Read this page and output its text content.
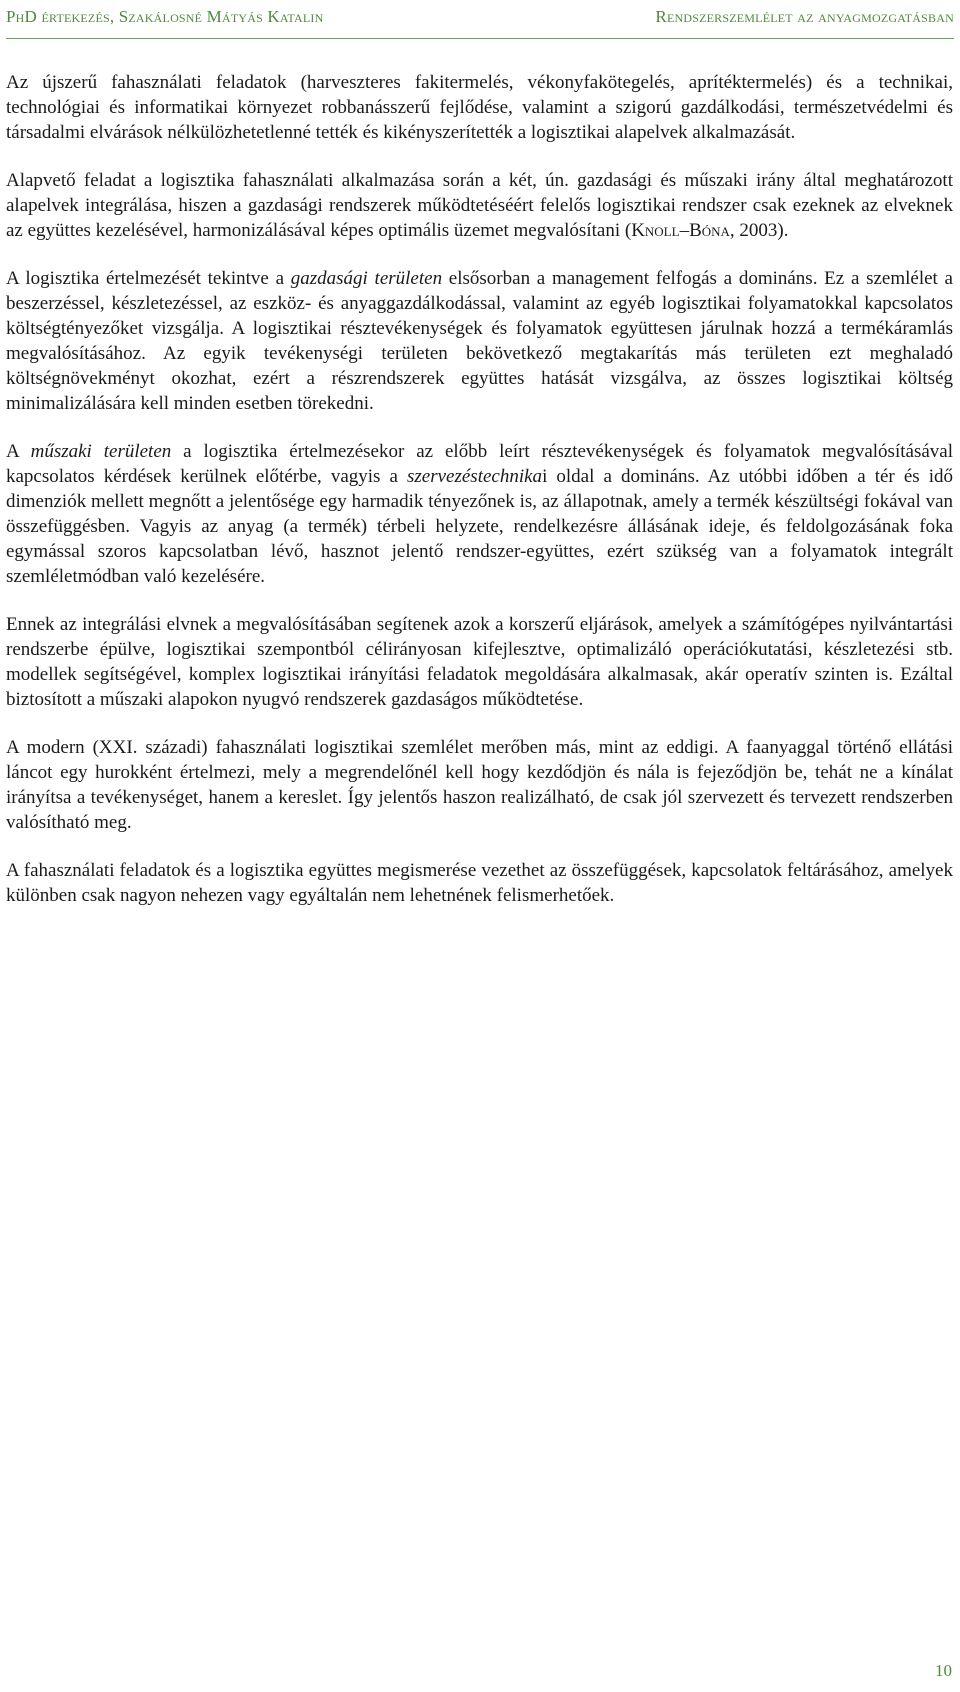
PhD értekezés, Szakálosné Mátyás Katalin	Rendszerszemlélet az anyagmozgatásban

Az újszerű fahasználati feladatok (harveszteres fakitermelés, vékonyfakötegelés, aprítéktermelés) és a technikai, technológiai és informatikai környezet robbanásszerű fejlődése, valamint a szigorú gazdálkodási, természetvédelmi és társadalmi elvárások nélkülözhetetlenné tették és kikényszerítették a logisztikai alapelvek alkalmazását.

Alapvető feladat a logisztika fahasználati alkalmazása során a két, ún. gazdasági és műszaki irány által meghatározott alapelvek integrálása, hiszen a gazdasági rendszerek működtetéséért felelős logisztikai rendszer csak ezeknek az elveknek az együttes kezelésével, harmonizálásával képes optimális üzemet megvalósítani (Knoll–Bóna, 2003).

A logisztika értelmezését tekintve a gazdasági területen elsősorban a management felfogás a domináns. Ez a szemlélet a beszerzéssel, készletezéssel, az eszköz- és anyaggazdálkodással, valamint az egyéb logisztikai folyamatokkal kapcsolatos költségtényezőket vizsgálja. A logisztikai résztevékenységek és folyamatok együttesen járulnak hozzá a termékáramlás megvalósításához. Az egyik tevékenységi területen bekövetkező megtakarítás más területen ezt meghaladó költségnövekményt okozhat, ezért a részrendszerek együttes hatását vizsgálva, az összes logisztikai költség minimalizálására kell minden esetben törekedni.

A műszaki területen a logisztika értelmezésekor az előbb leírt résztevékenységek és folyamatok megvalósításával kapcsolatos kérdések kerülnek előtérbe, vagyis a szervezéstechnikai oldal a domináns. Az utóbbi időben a tér és idő dimenziók mellett megnőtt a jelentősége egy harmadik tényezőnek is, az állapotnak, amely a termék készültségi fokával van összefüggésben. Vagyis az anyag (a termék) térbeli helyzete, rendelkezésre állásának ideje, és feldolgozásának foka egymással szoros kapcsolatban lévő, hasznot jelentő rendszer-együttes, ezért szükség van a folyamatok integrált szemléletmódban való kezelésére.

Ennek az integrálási elvnek a megvalósításában segítenek azok a korszerű eljárások, amelyek a számítógépes nyilvántartási rendszerbe épülve, logisztikai szempontból célirányosan kifejlesztve, optimalizáló operációkutatási, készletezési stb. modellek segítségével, komplex logisztikai irányítási feladatok megoldására alkalmasak, akár operatív szinten is. Ezáltal biztosított a műszaki alapokon nyugvó rendszerek gazdaságos működtetése.

A modern (XXI. századi) fahasználati logisztikai szemlélet merőben más, mint az eddigi. A faanyaggal történő ellátási láncot egy hurokként értelmezi, mely a megrendelőnél kell hogy kezdődjön és nála is fejeződjön be, tehát ne a kínálat irányítsa a tevékenységet, hanem a kereslet. Így jelentős haszon realizálható, de csak jól szervezett és tervezett rendszerben valósítható meg.

A fahasználati feladatok és a logisztika együttes megismerése vezethet az összefüggések, kapcsolatok feltárásához, amelyek különben csak nagyon nehezen vagy egyáltalán nem lehetnének felismerhetőek.

10
